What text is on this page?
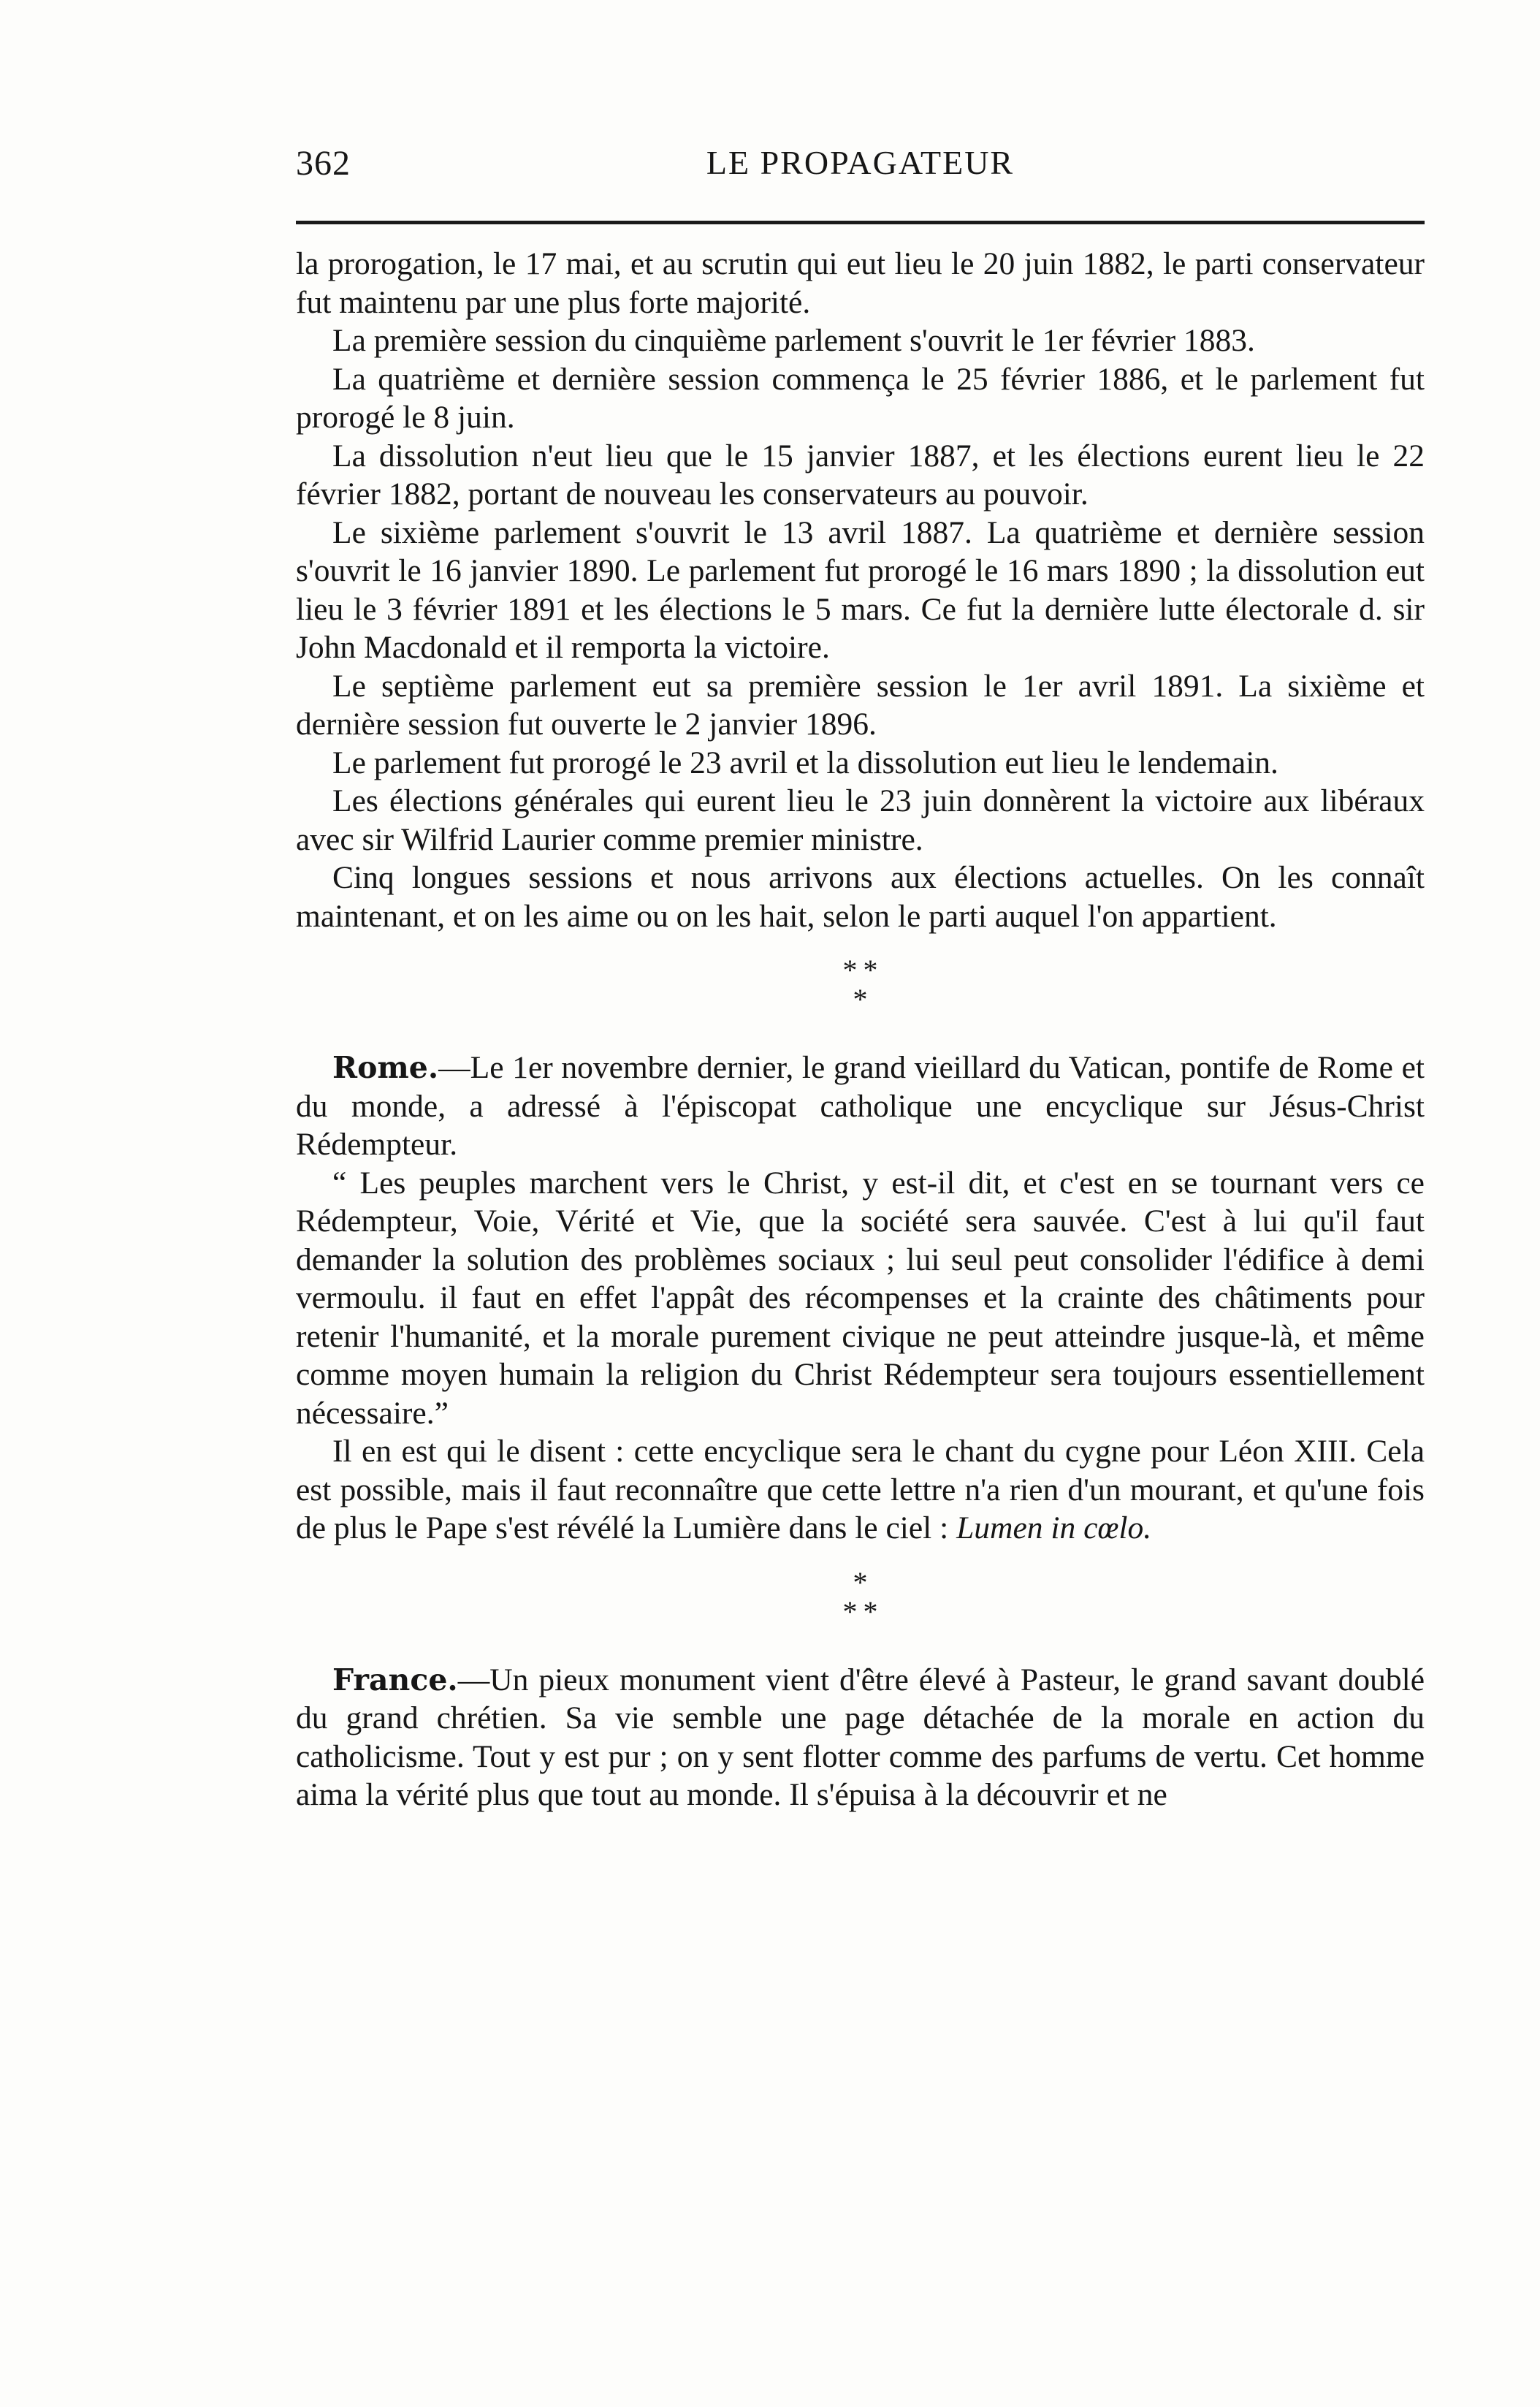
362	LE PROPAGATEUR

la prorogation, le 17 mai, et au scrutin qui eut lieu le 20 juin 1882, le parti conservateur fut maintenu par une plus forte majorité.

La première session du cinquième parlement s'ouvrit le 1er février 1883.

La quatrième et dernière session commença le 25 février 1886, et le parlement fut prorogé le 8 juin.

La dissolution n'eut lieu que le 15 janvier 1887, et les élections eurent lieu le 22 février 1882, portant de nouveau les conservateurs au pouvoir.

Le sixième parlement s'ouvrit le 13 avril 1887. La quatrième et dernière session s'ouvrit le 16 janvier 1890. Le parlement fut prorogé le 16 mars 1890 ; la dissolution eut lieu le 3 février 1891 et les élections le 5 mars. Ce fut la dernière lutte électorale d. sir John Macdonald et il remporta la victoire.

Le septième parlement eut sa première session le 1er avril 1891. La sixième et dernière session fut ouverte le 2 janvier 1896.

Le parlement fut prorogé le 23 avril et la dissolution eut lieu le lendemain.

Les élections générales qui eurent lieu le 23 juin donnèrent la victoire aux libéraux avec sir Wilfrid Laurier comme premier ministre.

Cinq longues sessions et nous arrivons aux élections actuelles. On les connaît maintenant, et on les aime ou on les hait, selon le parti auquel l'on appartient.

* *
*

Rome.—Le 1er novembre dernier, le grand vieillard du Vatican, pontife de Rome et du monde, a adressé à l'épiscopat catholique une encyclique sur Jésus-Christ Rédempteur.

“ Les peuples marchent vers le Christ, y est-il dit, et c'est en se tournant vers ce Rédempteur, Voie, Vérité et Vie, que la société sera sauvée. C'est à lui qu'il faut demander la solution des problèmes sociaux ; lui seul peut consolider l'édifice à demi vermoulu. il faut en effet l'appât des récompenses et la crainte des châtiments pour retenir l'humanité, et la morale purement civique ne peut atteindre jusque-là, et même comme moyen humain la religion du Christ Rédempteur sera toujours essentiellement nécessaire.”

Il en est qui le disent : cette encyclique sera le chant du cygne pour Léon XIII. Cela est possible, mais il faut reconnaître que cette lettre n'a rien d'un mourant, et qu'une fois de plus le Pape s'est révélé la Lumière dans le ciel : Lumen in cœlo.

*
* *

France.—Un pieux monument vient d'être élevé à Pasteur, le grand savant doublé du grand chrétien. Sa vie semble une page détachée de la morale en action du catholicisme. Tout y est pur ; on y sent flotter comme des parfums de vertu. Cet homme aima la vérité plus que tout au monde. Il s'épuisa à la découvrir et ne
